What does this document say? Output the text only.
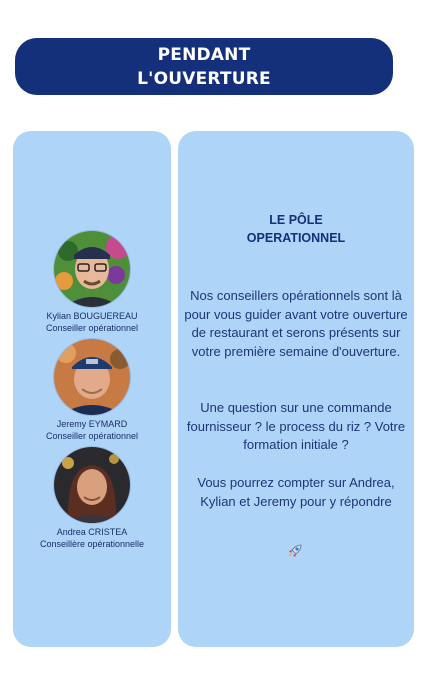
PENDANT
L'OUVERTURE
Kylian BOUGUEREAU
Conseiller opérationnel
Jeremy EYMARD
Conseiller opérationnel
Andrea CRISTEA
Conseillère opérationnelle
LE PÔLE
OPERATIONNEL
Nos conseillers opérationnels sont là pour vous guider avant votre ouverture de restaurant et serons présents sur votre première semaine d'ouverture.
Une question sur une commande fournisseur ? le process du riz ? Votre formation initiale ?
Vous pourrez compter sur Andrea, Kylian et Jeremy pour y répondre
